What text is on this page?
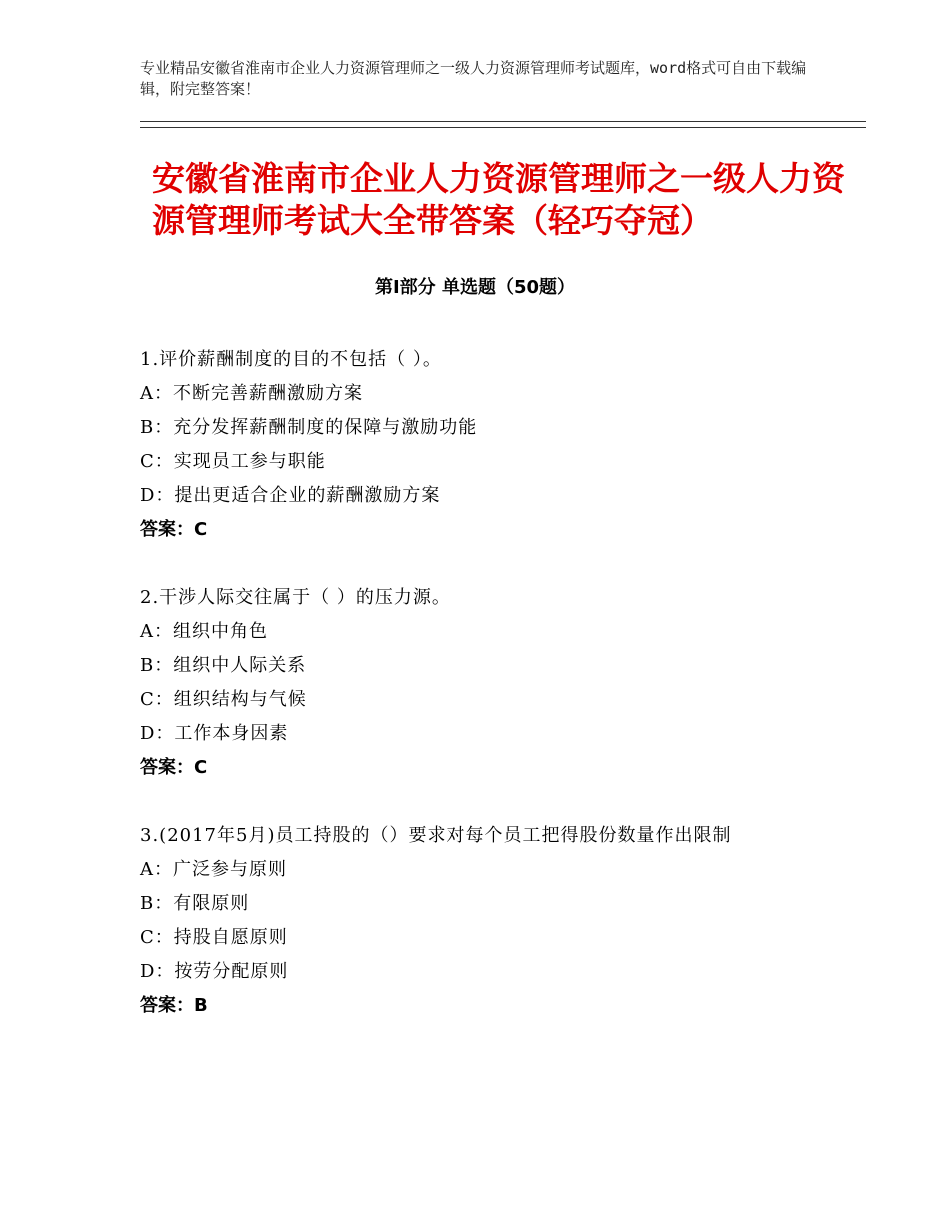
专业精品安徽省淮南市企业人力资源管理师之一级人力资源管理师考试题库，word格式可自由下载编辑，附完整答案！

安徽省淮南市企业人力资源管理师之一级人力资源管理师考试大全带答案（轻巧夺冠）
第Ⅰ部分 单选题（50题）

1.评价薪酬制度的目的不包括（ ）。

A：不断完善薪酬激励方案

B：充分发挥薪酬制度的保障与激励功能

C：实现员工参与职能

D：提出更适合企业的薪酬激励方案

答案：C

2.干涉人际交往属于（ ）的压力源。

A：组织中角色

B：组织中人际关系

C：组织结构与气候

D：工作本身因素

答案：C

3.(2017年5月)员工持股的（）要求对每个员工把得股份数量作出限制

A：广泛参与原则

B：有限原则

C：持股自愿原则

D：按劳分配原则

答案：B
